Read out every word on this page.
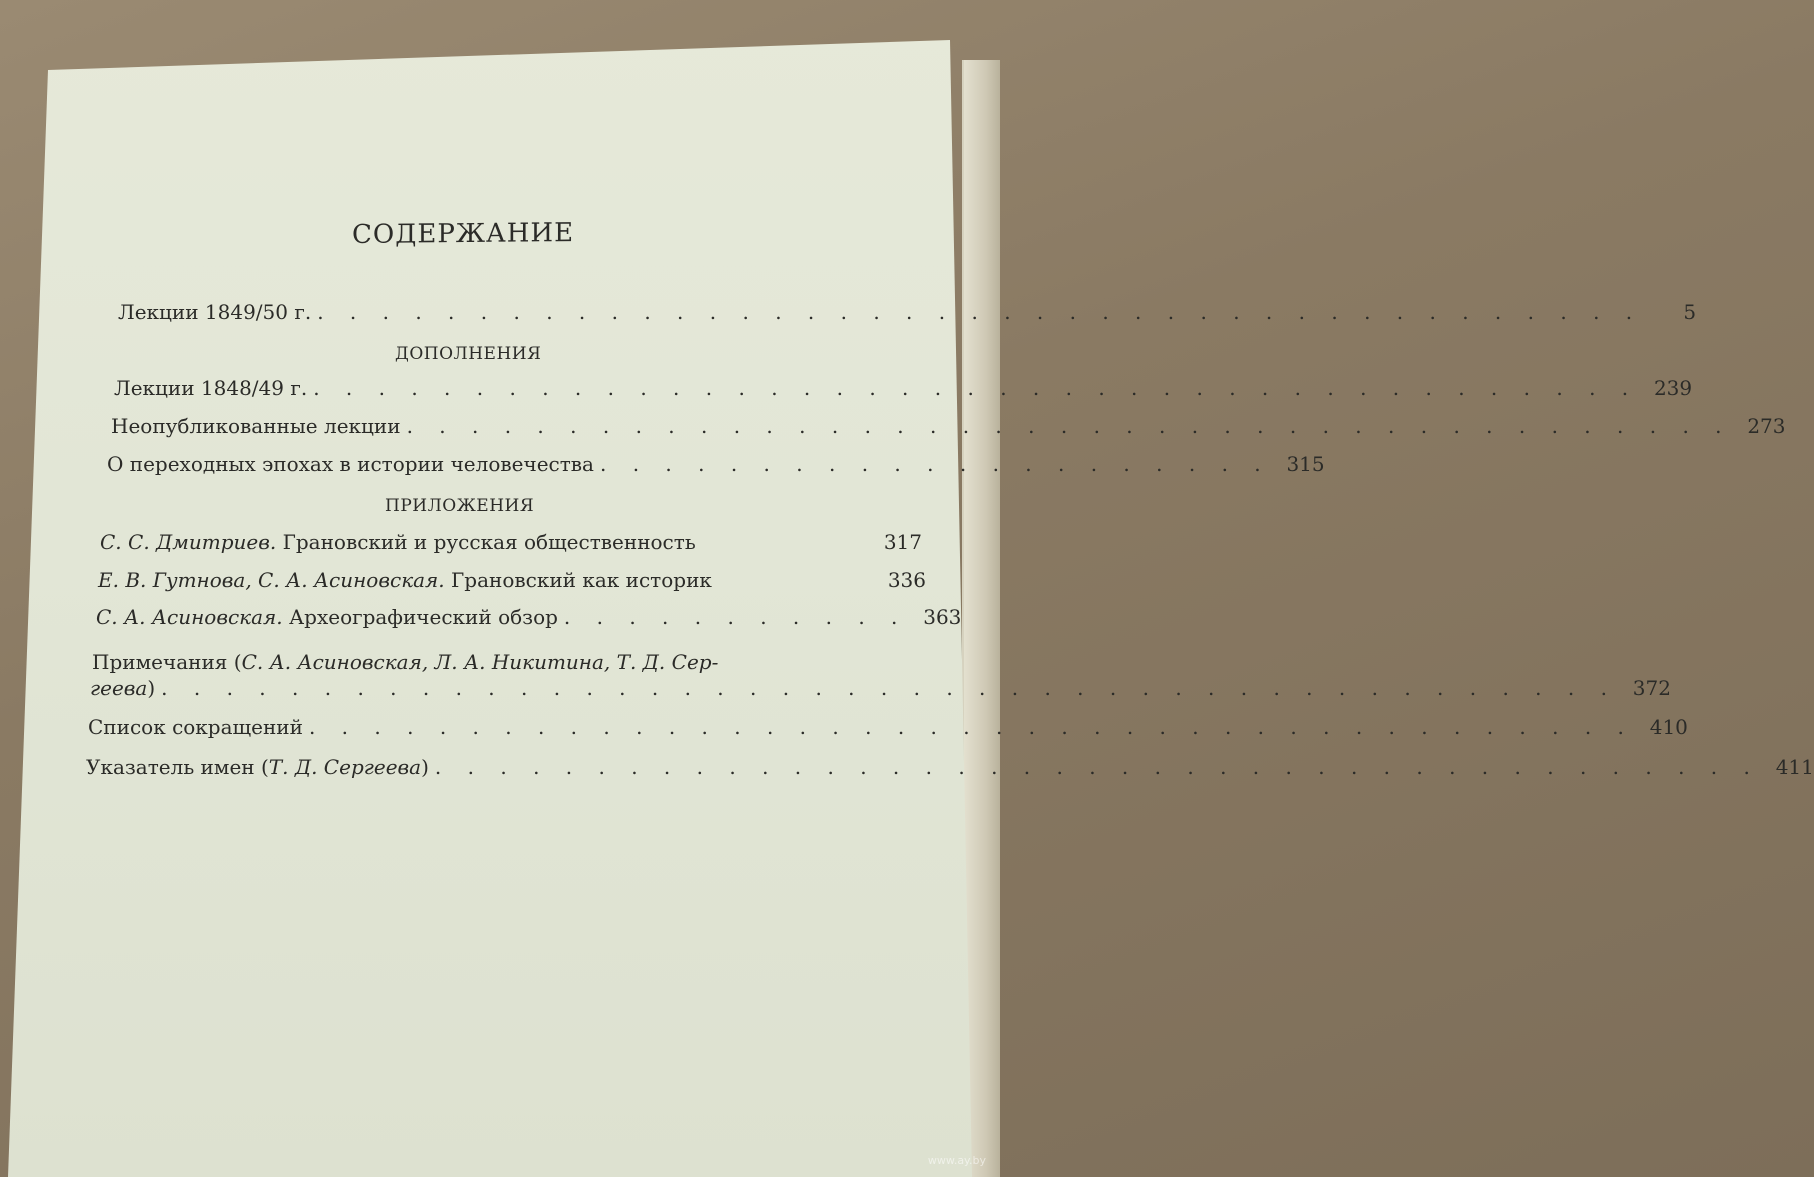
СОДЕРЖАНИЕ
Лекции 1849/50 г. . . . . . . . . . . . . . . . . . . . . . . . . . . . . . . . . . . . . . . . . .	5
ДОПОЛНЕНИЯ
Лекции 1848/49 г. . . . . . . . . . . . . . . . . . . . . . . . . . . . . . . . . . . . . . . . . . 239
Неопубликованные лекции . . . . . . . . . . . . . . . . . . . . . . . . . . . . . . . . . . . . . . . . . 273
О переходных эпохах в истории человечества . . . . . . . . . . . . . . . . . . . . . 315
ПРИЛОЖЕНИЯ
С. С. Дмитриев. Грановский и русская общественность	317
Е. В. Гутнова, С. А. Асиновская. Грановский как историк	336
С. А. Асиновская. Археографический обзор . . . . . . . . . . . 363
Примечания (С. А. Асиновская, Л. А. Никитина, Т. Д. Сер-
геева) . . . . . . . . . . . . . . . . . . . . . . . . . . . . . . . . . . . . . . . . . . . . . 372
Список сокращений . . . . . . . . . . . . . . . . . . . . . . . . . . . . . . . . . . . . . . . . . 410
Указатель имен (Т. Д. Сергеева) . . . . . . . . . . . . . . . . . . . . . . . . . . . . . . . . . . . . . . . . . 411
www.ay.by
